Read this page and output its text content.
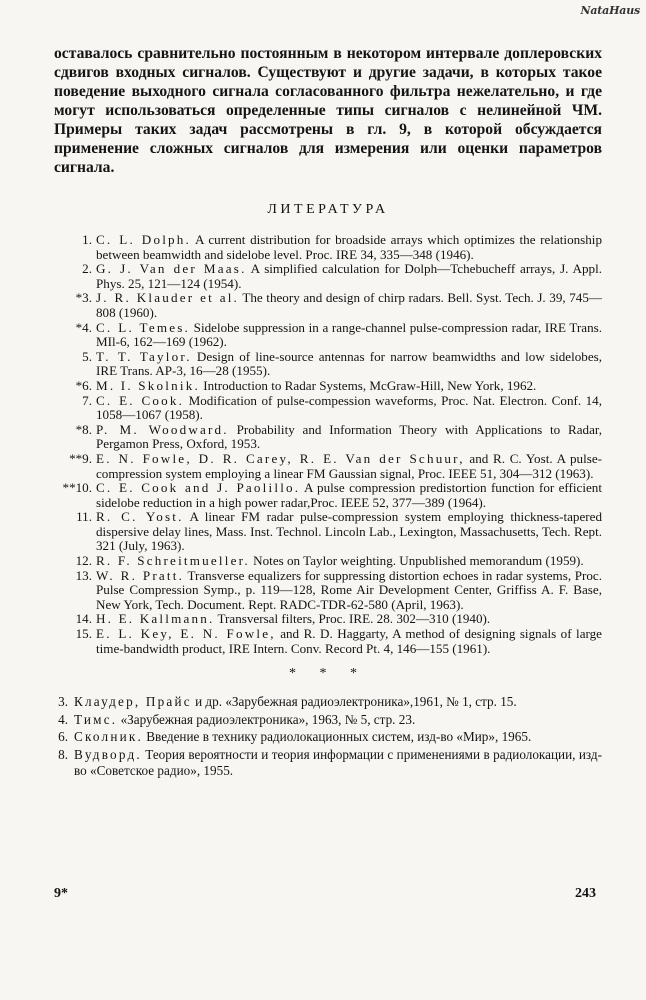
NataHaus

оставалось сравнительно постоянным в некотором интервале доплеровских сдвигов входных сигналов. Существуют и другие задачи, в которых такое поведение выходного сигнала согласованного фильтра нежелательно, и где могут использоваться определенные типы сигналов с нелинейной ЧМ. Примеры таких задач рассмотрены в гл. 9, в которой обсуждается применение сложных сигналов для измерения или оценки параметров сигнала.

ЛИТЕРАТУРА
1. C. L. Dolph. A current distribution for broadside arrays which optimizes the relationship between beamwidth and sidelobe level. Proc. IRE 34, 335—348 (1946).
2. G. J. Van der Maas. A simplified calculation for Dolph—Tchebucheff arrays, J. Appl. Phys. 25, 121—124 (1954).
*3. J. R. Klauder et al. The theory and design of chirp radars. Bell. Syst. Tech. J. 39, 745—808 (1960).
*4. C. L. Temes. Sidelobe suppression in a range-channel pulse-compression radar, IRE Trans. MIl-6, 162—169 (1962).
5. T. T. Taylor. Design of line-source antennas for narrow beamwidths and low sidelobes, IRE Trans. AP-3, 16—28 (1955).
*6. M. I. Skolnik. Introduction to Radar Systems, McGraw-Hill, New York, 1962.
7. C. E. Cook. Modification of pulse-compession waveforms, Proc. Nat. Electron. Conf. 14, 1058—1067 (1958).
*8. P. M. Woodward. Probability and Information Theory with Applications to Radar, Pergamon Press, Oxford, 1953.
**9. E. N. Fowle, D. R. Carey, R. E. Van der Schuur, and R. C. Yost. A pulse-compression system employing a linear FM Gaussian signal, Proc. IEEE 51, 304—312 (1963).
**10. C. E. Cook and J. Paolillo. A pulse compression predistortion function for efficient sidelobe reduction in a high power radar,Proc. IEEE 52, 377—389 (1964).
11. R. C. Yost. A linear FM radar pulse-compression system employing thickness-tapered dispersive delay lines, Mass. Inst. Technol. Lincoln Lab., Lexington, Massachusetts, Tech. Rept. 321 (July, 1963).
12. R. F. Schreitmueller. Notes on Taylor weighting. Unpublished memorandum (1959).
13. W. R. Pratt. Transverse equalizers for suppressing distortion echoes in radar systems, Proc. Pulse Compression Symp., p. 119—128, Rome Air Development Center, Griffiss A. F. Base, New York, Tech. Document. Rept. RADC-TDR-62-580 (April, 1963).
14. H. E. Kallmann. Transversal filters, Proc. IRE. 28. 302—310 (1940).
15. E. L. Key, E. N. Fowle, and R. D. Haggarty, A method of designing signals of large time-bandwidth product, IRE Intern. Conv. Record Pt. 4, 146—155 (1961).
* * *
3. Клаудер, Прайс и др. «Зарубежная радиоэлектроника»,1961, № 1, стр. 15.
4. Тимс. «Зарубежная радиоэлектроника», 1963, № 5, стр. 23.
6. Сколник. Введение в технику радиолокационных систем, изд-во «Мир», 1965.
8. Вудворд. Теория вероятности и теория информации с применениями в радиолокации, изд-во «Советское радио», 1955.
9*	243
